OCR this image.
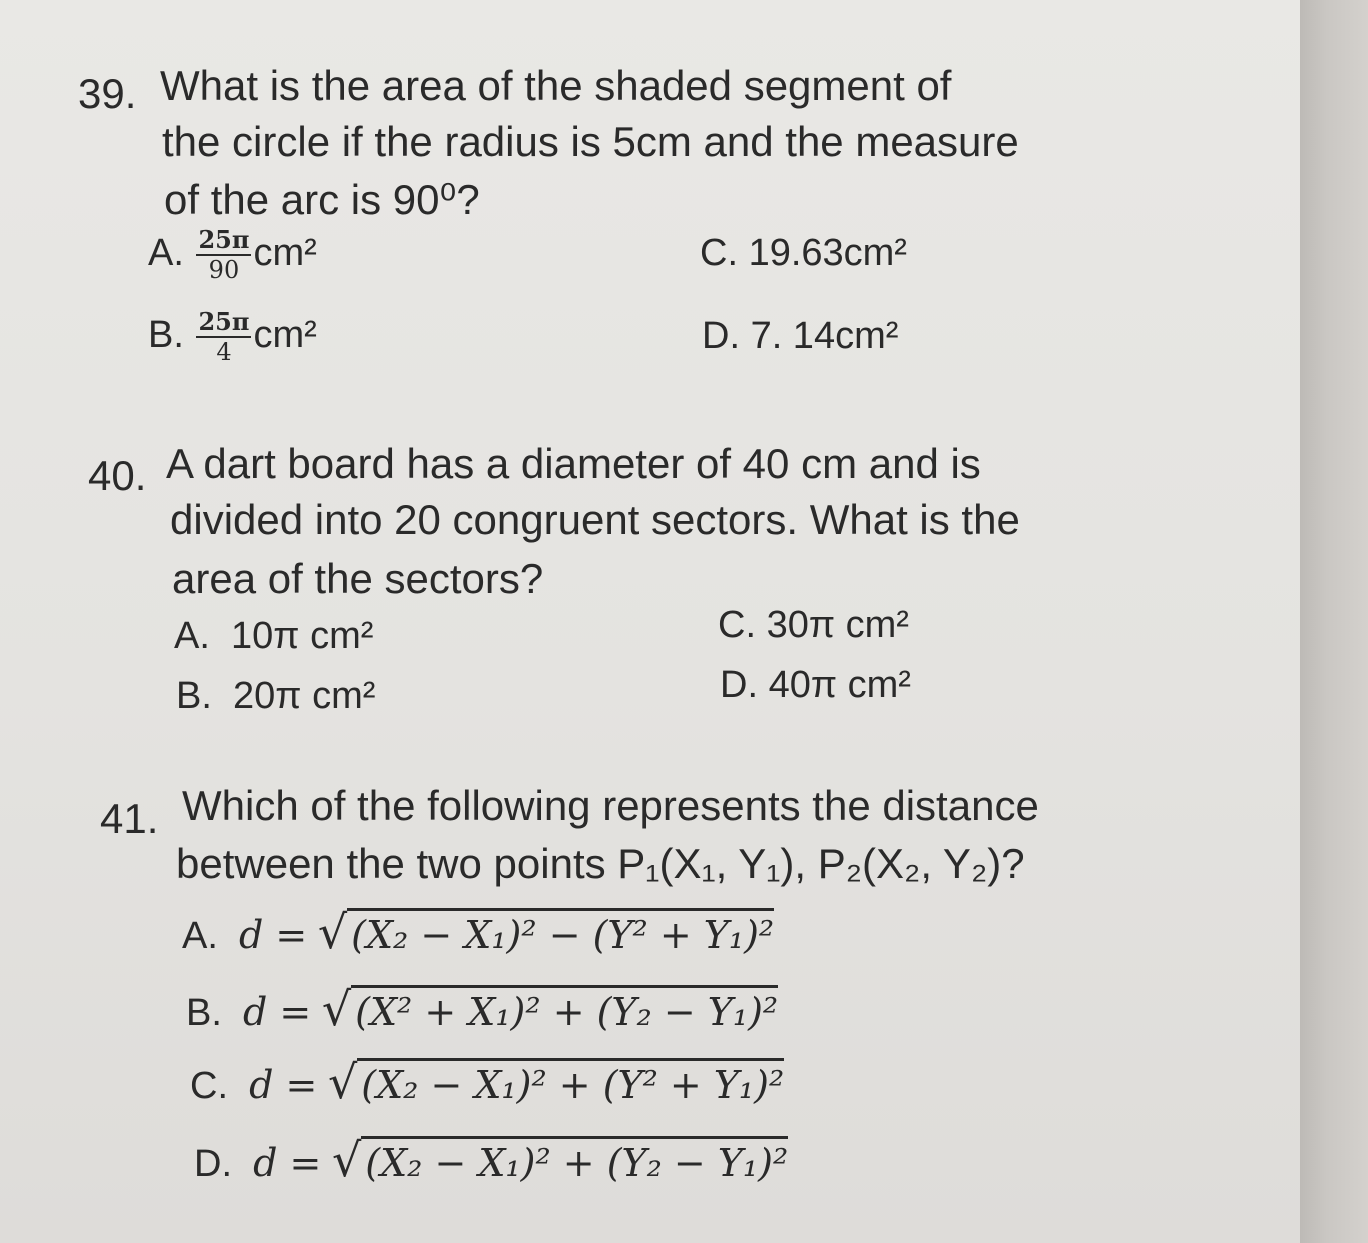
39. What is the area of the shaded segment of
the circle if the radius is 5cm and the measure
of the arc is 90⁰?
A. $\frac{25\pi}{90} cm^2$
B. $\frac{25\pi}{4} cm^2$
C. 19.63cm²
D. 7. 14cm²
40. A dart board has a diameter of 40 cm and is
divided into 20 congruent sectors. What is the
area of the sectors?
A. 10π cm²
B. 20π cm²
C. 30π cm²
D. 40π cm²
41. Which of the following represents the distance
between the two points P₁(X₁, Y₁), P₂(X₂, Y₂)?
A. d = √ (X₂ − X₁)² − (Y² + Y₁)²
B. d = √ (X² + X₁)² + (Y₂ − Y₁)²
C. d = √ (X₂ − X₁)² + (Y² + Y₁)²
D. d = √ (X₂ − X₁)² + (Y₂ − Y₁)²
